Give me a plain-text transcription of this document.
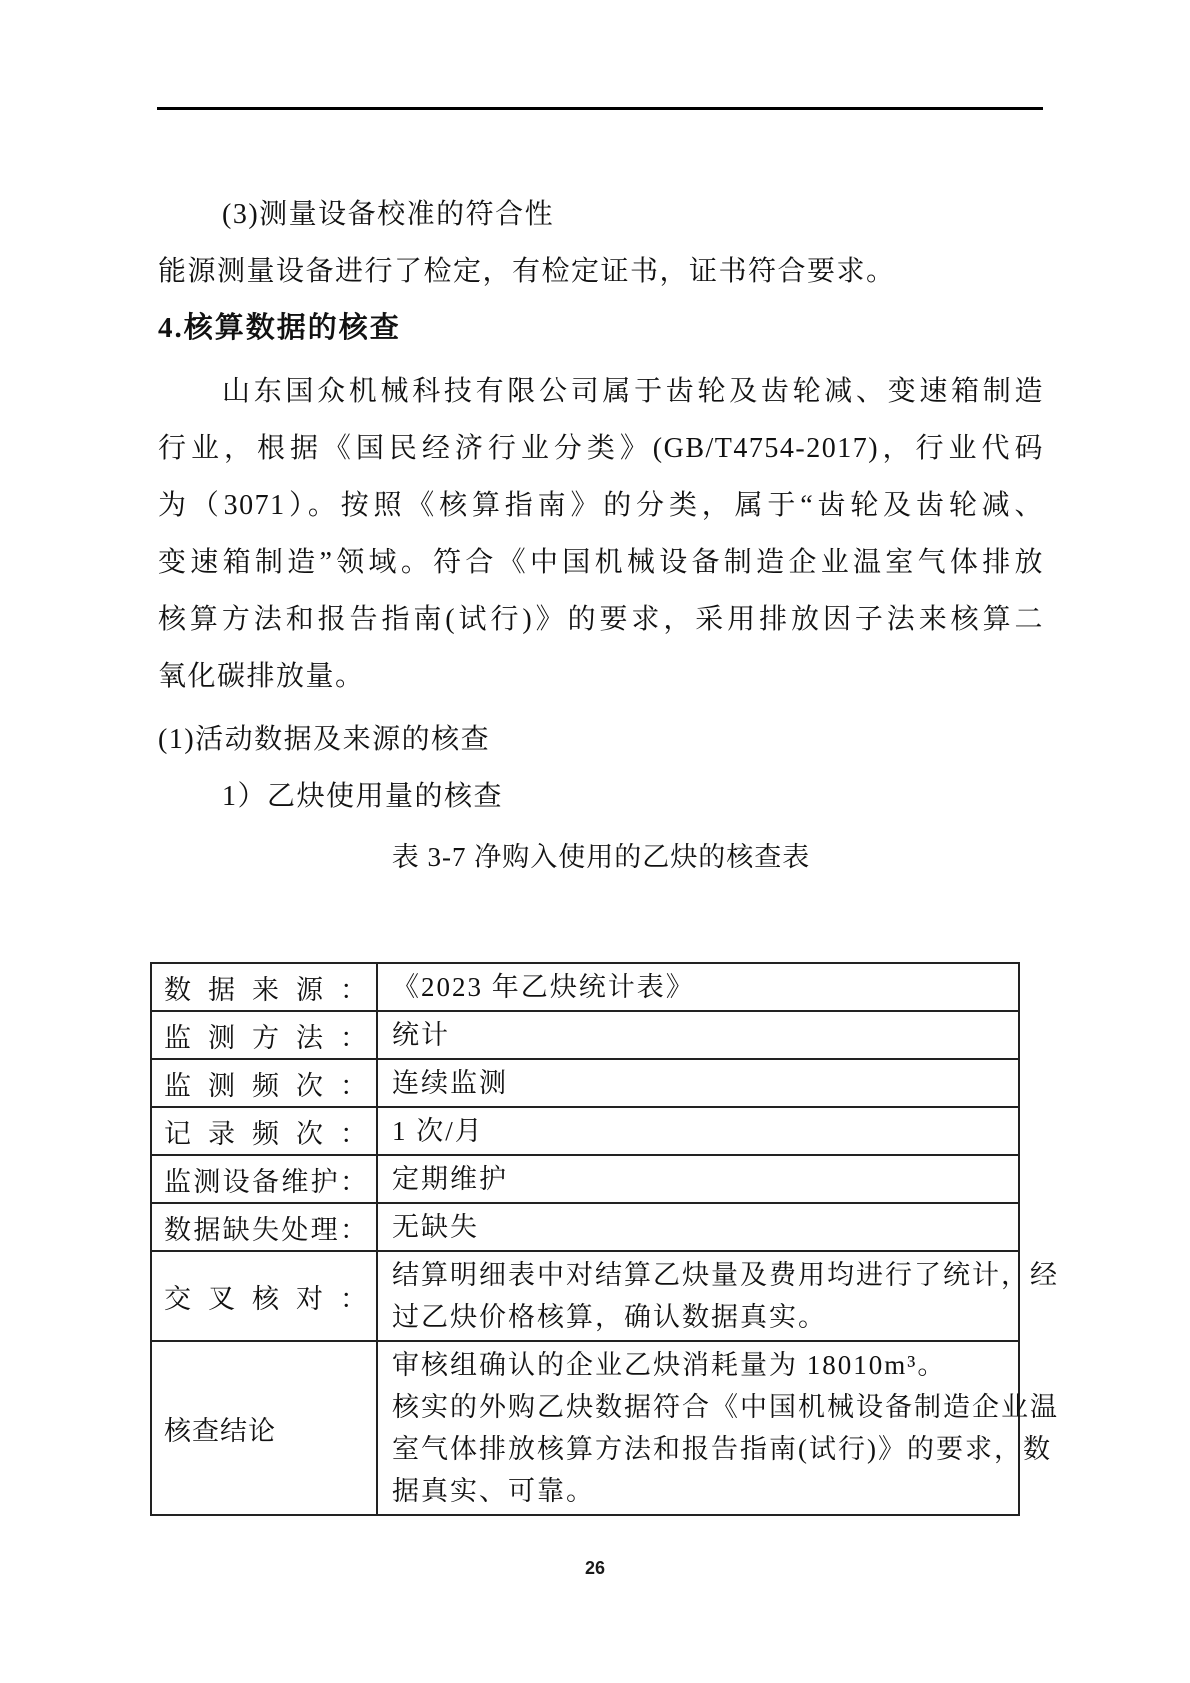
(3)测量设备校准的符合性
能源测量设备进行了检定，有检定证书，证书符合要求。
4.核算数据的核查
山东国众机械科技有限公司属于齿轮及齿轮减、变速箱制造
行业，根据《国民经济行业分类》(GB/T4754-2017)，行业代码
为（3071）。按照《核算指南》的分类，属于“齿轮及齿轮减、
变速箱制造”领域。符合《中国机械设备制造企业温室气体排放
核算方法和报告指南(试行)》的要求，采用排放因子法来核算二
氧化碳排放量。
(1)活动数据及来源的核查
1）乙炔使用量的核查
表 3-7 净购入使用的乙炔的核查表
数据来源：	《2023 年乙炔统计表》

监测方法：	统计

监测频次：	连续监测

记录频次：	1 次/月

监测设备维护：	定期维护

数据缺失处理：	无缺失

交叉核对：	结算明细表中对结算乙炔量及费用均进行了统计，经
过乙炔价格核算，确认数据真实。

核查结论	审核组确认的企业乙炔消耗量为 18010m³。
核实的外购乙炔数据符合《中国机械设备制造企业温
室气体排放核算方法和报告指南(试行)》的要求，数
据真实、可靠。
26
